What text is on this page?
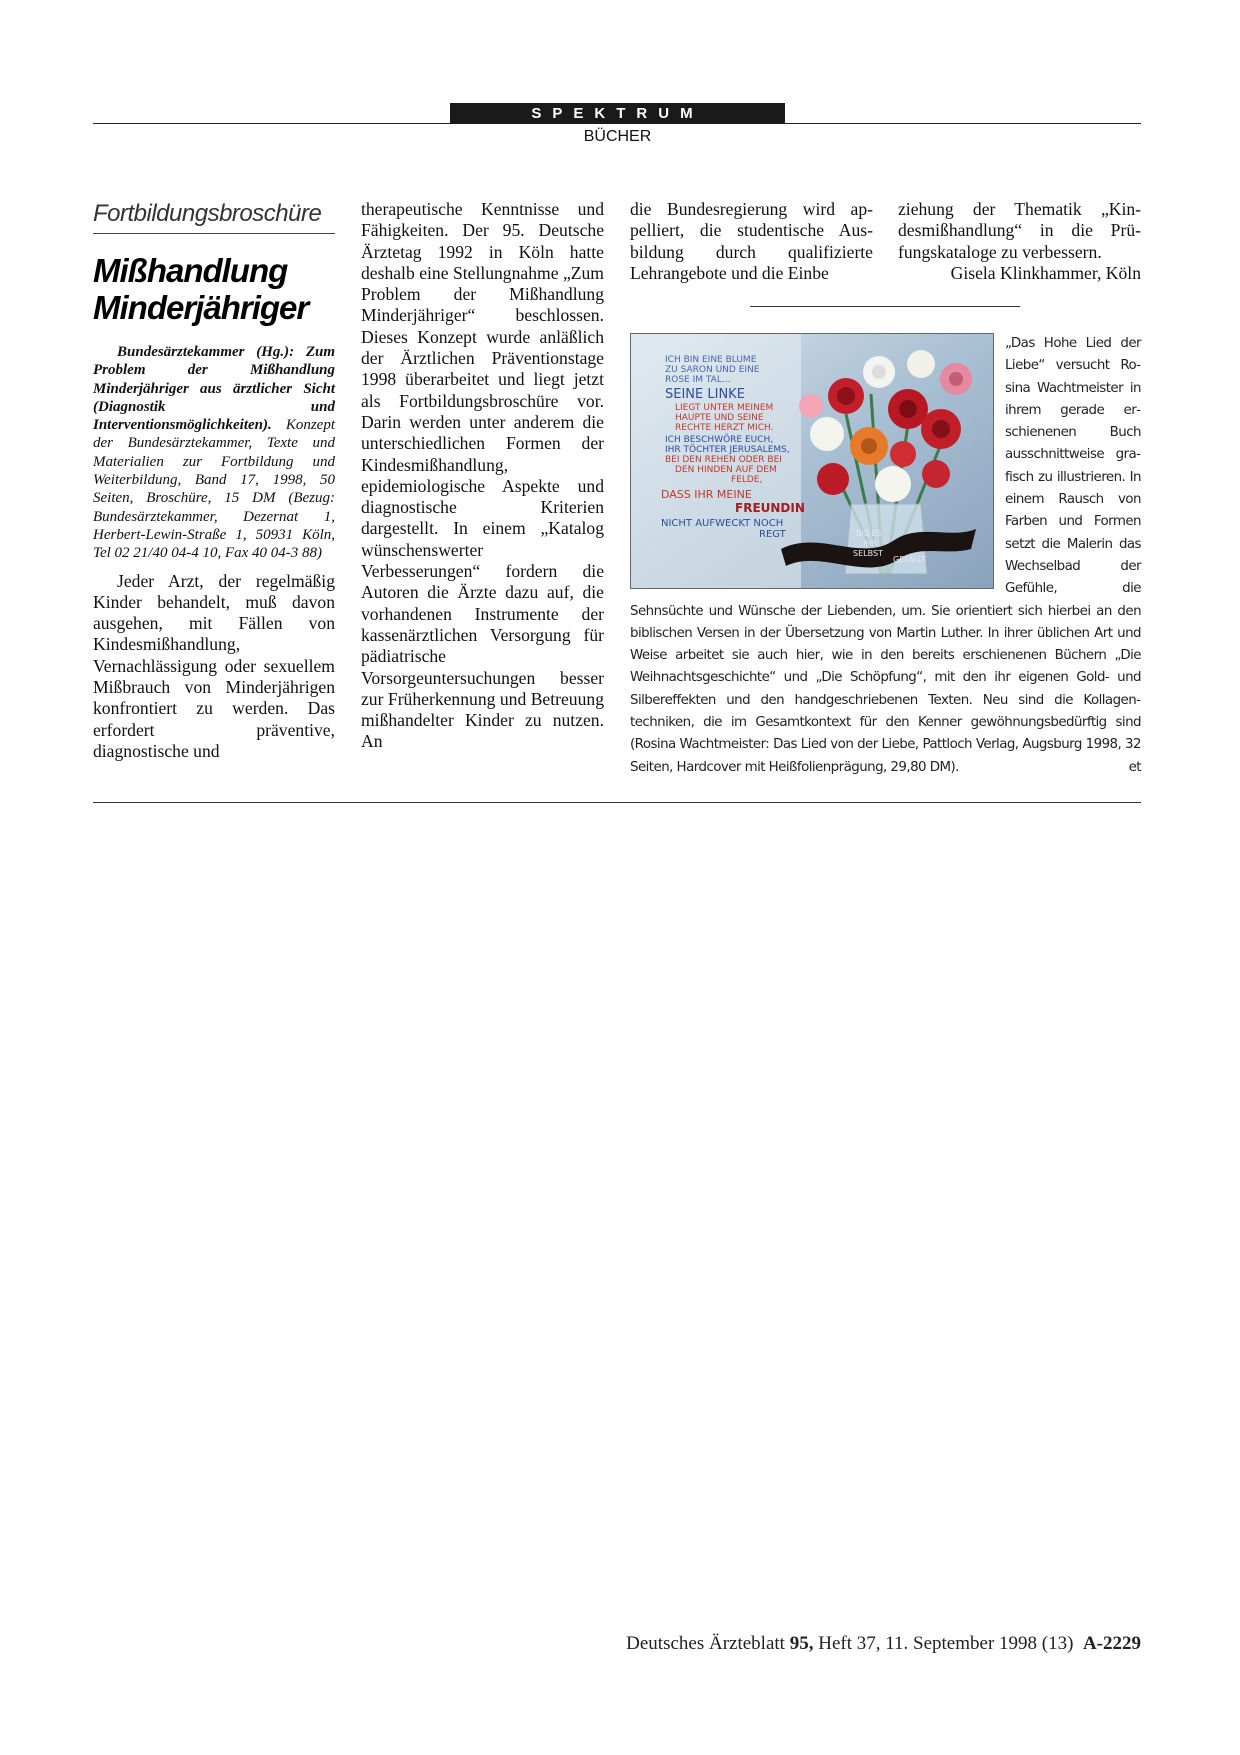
SPEKTRUM
BÜCHER
Fortbildungsbroschüre
Mißhandlung
Minderjähriger
Bundesärztekammer (Hg.): Zum Problem der Mißhandlung Minderjähriger aus ärztlicher Sicht (Diagnostik und Interventionsmöglichkeiten). Konzept der Bundesärztekammer, Texte und Materialien zur Fortbildung und Weiterbildung, Band 17, 1998, 50 Seiten, Broschüre, 15 DM (Bezug: Bundesärztekammer, Dezernat 1, Herbert-Lewin-Straße 1, 50931 Köln, Tel 02 21/40 04-4 10, Fax 40 04-3 88)
Jeder Arzt, der regelmäßig Kinder behandelt, muß davon ausgehen, mit Fällen von Kindesmißhandlung, Vernachlässigung oder sexuellem Mißbrauch von Minderjährigen konfrontiert zu werden. Das erfordert präventive, diagnostische und
therapeutische Kenntnisse und Fähigkeiten. Der 95. Deutsche Ärztetag 1992 in Köln hatte deshalb eine Stellungnahme „Zum Problem der Mißhandlung Minderjähriger“ beschlossen. Dieses Konzept wurde anläßlich der Ärztlichen Präventionstage 1998 überarbeitet und liegt jetzt als Fortbildungsbroschüre vor. Darin werden unter anderem die unterschiedlichen Formen der Kindesmißhandlung, epidemiologische Aspekte und diagnostische Kriterien dargestellt. In einem „Katalog wünschenswerter Verbesserungen“ fordern die Autoren die Ärzte dazu auf, die vorhandenen Instrumente der kassenärztlichen Versorgung für pädiatrische Vorsorgeuntersuchungen besser zur Früherkennung und Betreuung mißhandelter Kinder zu nutzen. An
die Bundesregierung wird appelliert, die studentische Ausbildung durch qualifizierte Lehrangebote und die Einbe
ziehung der Thematik „Kindesmißhandlung“ in die Prüfungskataloge zu verbessern.
Gisela Klinkhammer, Köln
ICH BIN EINE BLUME
ZU SARON UND EINE
ROSE IM TAL…
SEINE LINKE
LIEGT UNTER MEINEM
HAUPTE UND SEINE
RECHTE HERZT MICH.
ICH BESCHWÖRE EUCH,
IHR TÖCHTER JERUSALEMS,
BEI DEN REHEN ODER BEI
DEN HINDEN AUF DEM
FELDE,
DASS IHR MEINE
FREUNDIN
NICHT AUFWECKT NOCH
REGT	BIS ES
IHR
SELBST
GEFÄLLT
„Das Hohe Lied der Liebe“ versucht Rosina Wachtmeister in ihrem gerade erschienenen Buch ausschnittweise grafisch zu illustrieren. In einem Rausch von Farben und Formen setzt die Malerin das Wechselbad der Gefühle, die Sehnsüchte und Wünsche der Liebenden, um. Sie orientiert sich hierbei an den biblischen Versen in der Übersetzung von Martin Luther. In ihrer üblichen Art und Weise arbeitet sie auch hier, wie in den bereits erschienenen Büchern „Die Weihnachtsgeschichte“ und „Die Schöpfung“, mit den ihr eigenen Gold- und Silbereffekten und den handgeschriebenen Texten. Neu sind die Kollagentechniken, die im Gesamtkontext für den Kenner gewöhnungsbedürftig sind (Rosina Wachtmeister: Das Lied von der Liebe, Pattloch Verlag, Augsburg 1998, 32 Seiten, Hardcover mit Heißfolienprägung, 29,80 DM).	et
Deutsches Ärzteblatt 95, Heft 37, 11. September 1998 (13) A-2229
